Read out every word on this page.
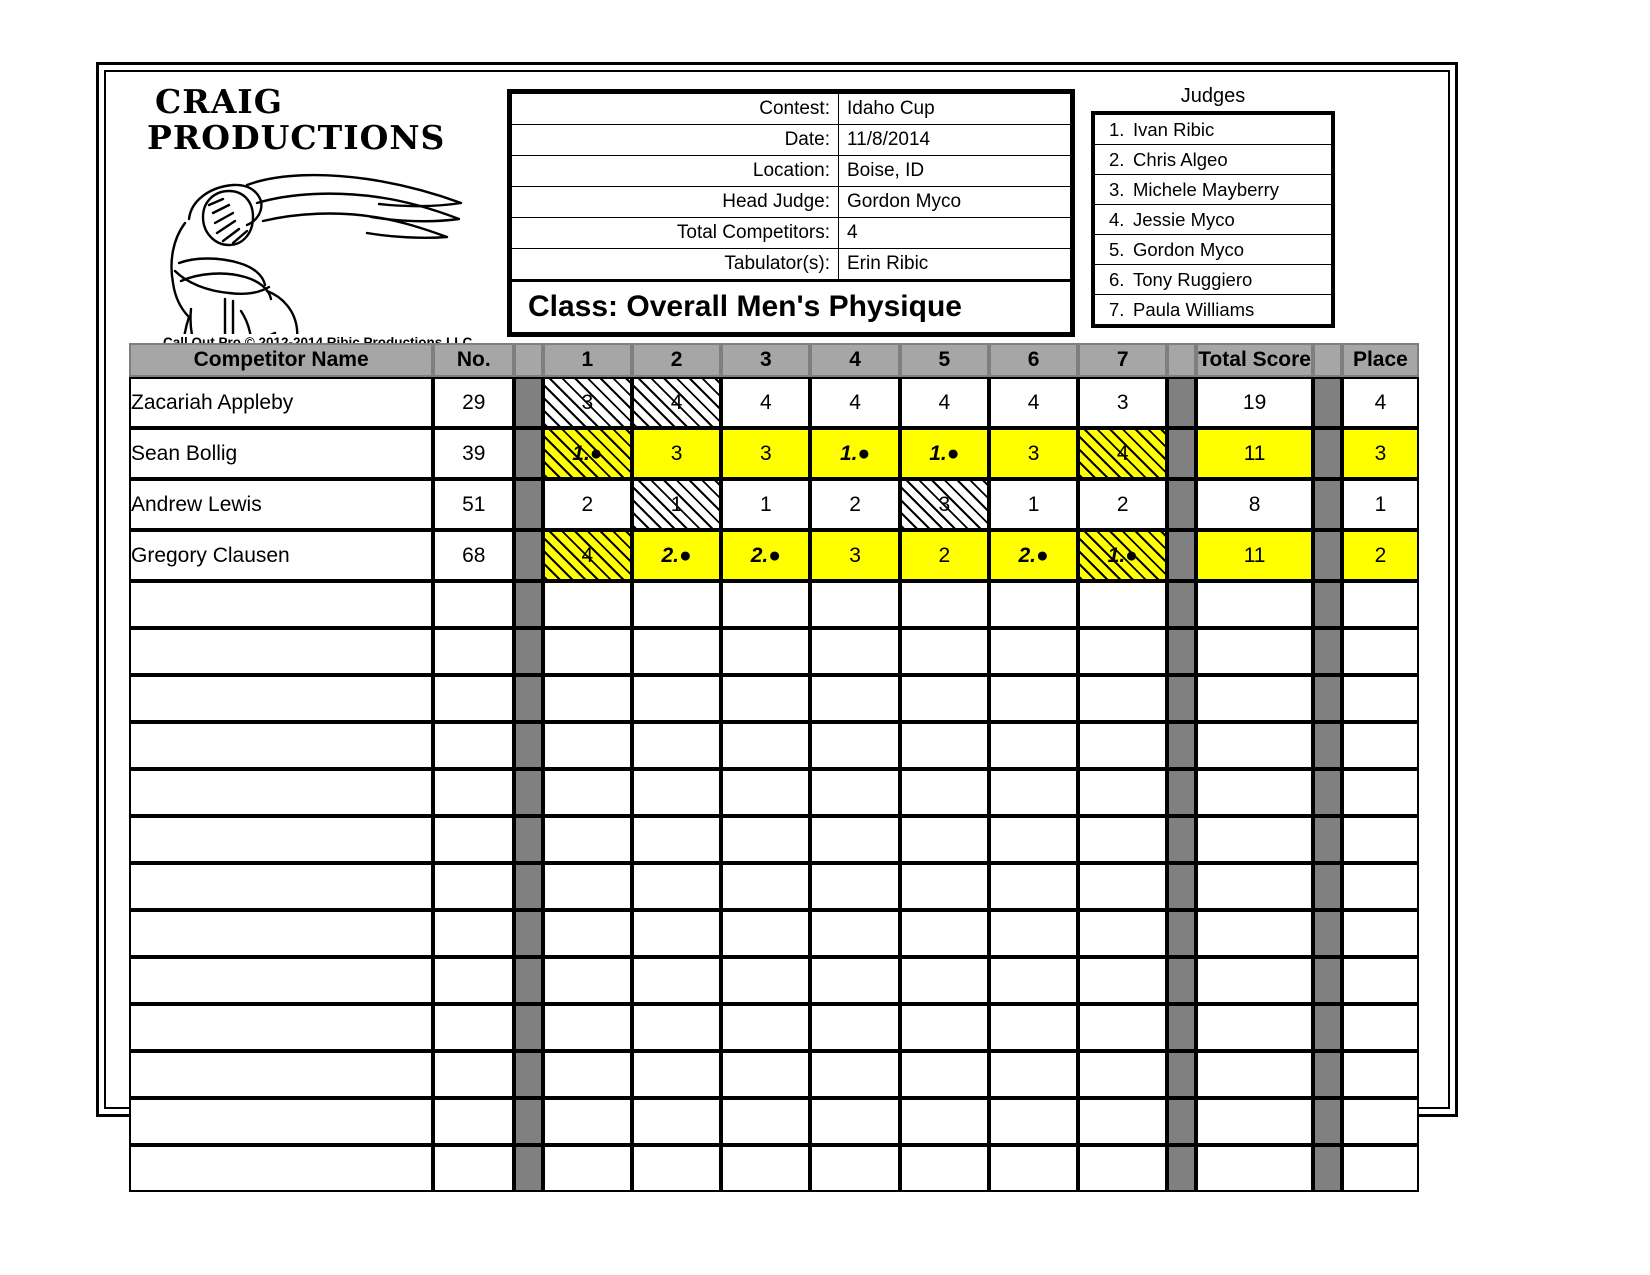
CRAIG
PRODUCTIONS
Contest:	Idaho Cup
Date:	11/8/2014
Location:	Boise, ID
Head Judge:	Gordon Myco
Total Competitors:	4
Tabulator(s):	Erin Ribic
Class: Overall Men's Physique	
Judges
1. Ivan Ribic
2. Chris Algeo
3. Michele Mayberry
4. Jessie Myco
5. Gordon Myco
6. Tony Ruggiero
7. Paula Williams
Competitor Name	No.		1	2	3	4	5	6	7		Total Score		Place
Zacariah Appleby	29		3	4	4	4	4	4	3		19		4
Sean Bollig	39		1.●	3	3	1.●	1.●	3	4		11		3
Andrew Lewis	51		2	1	1	2	3	1	2		8		1
Gregory Clausen	68		4	2.●	2.●	3	2	2.●	1.●		11		2
